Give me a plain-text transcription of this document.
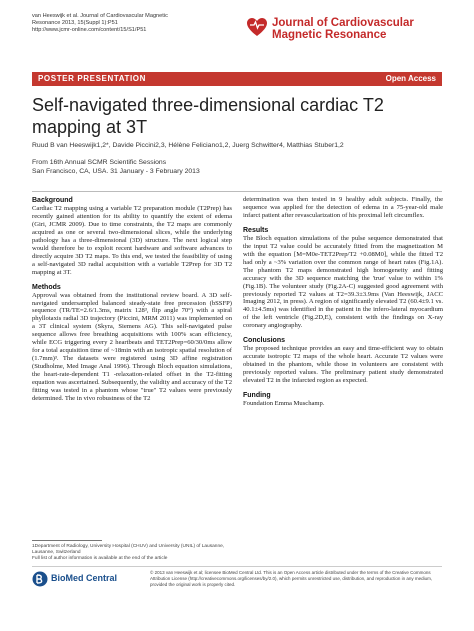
van Heeswijk et al. Journal of Cardiovascular Magnetic
Resonance 2013, 15(Suppl 1):P51
http://www.jcmr-online.com/content/15/S1/P51
Journal of Cardiovascular
Magnetic Resonance
POSTER PRESENTATION	Open Access
Self-navigated three-dimensional cardiac T2 mapping at 3T
Ruud B van Heeswijk1,2*, Davide Piccini2,3, Hélène Feliciano1,2, Juerg Schwitter4, Matthias Stuber1,2
From 16th Annual SCMR Scientific Sessions
San Francisco, CA, USA. 31 January - 3 February 2013
Background

Cardiac T2 mapping using a variable T2 preparation module (T2Prep) has recently gained attention for its ability to quantify the extent of edema (Giri, JCMR 2009). Due to time constraints, the T2 maps are commonly acquired as one or several two-dimensional slices, while the underlying pathology has a three-dimensional (3D) structure. The next logical step would therefore be to exploit recent hardware and software advances to directly acquire 3D T2 maps. To this end, we tested the feasibility of using a self-navigated 3D radial acquisition with a variable T2Prep for 3D T2 mapping at 3T.

Methods

Approval was obtained from the institutional review board. A 3D self-navigated undersampled balanced steady-state free precession (bSSFP) sequence (TR/TE=2.6/1.3ms, matrix 128³, flip angle 70°) with a spiral phyllotaxis radial 3D trajectory (Piccini, MRM 2011) was implemented on a 3T clinical system (Skyra, Siemens AG). This self-navigated pulse sequence allows free breathing acquisitions with 100% scan efficiency, while ECG triggering every 2 heartbeats and TET2Prep=60/30/0ms allow for a total acquisition time of ~18min with an isotropic spatial resolution of (1.7mm)³. The datasets were registered using 3D affine registration (Studholme, Med Image Anal 1996). Through Bloch equation simulations, the heart-rate-dependent T1 -relaxation-related offset in the T2-fitting equation was ascertained. Subsequently, the validity and accuracy of the T2 fitting was tested in a phantom whose "true" T2 values were previously determined. The in vivo robustness of the T2

determination was then tested in 9 healthy adult subjects. Finally, the sequence was applied for the detection of edema in a 75-year-old male infarct patient after revascularization of his proximal left circumflex.

Results

The Bloch equation simulations of the pulse sequence demonstrated that the input T2 value could be accurately fitted from the magnetization M with the equation [M=M0e-TET2Prep/T2 +0.08M0], while the fitted T2 had only a ~3% variation over the common range of heart rates (Fig.1A). The phantom T2 maps demonstrated high homogeneity and fitting accuracy with the 3D sequence matching the 'true' value to within 1% (Fig.1B). The volunteer study (Fig.2A-C) suggested good agreement with previously reported T2 values at T2=39.3±3.9ms (Van Heeswijk, JACC Imaging 2012, in press). A region of significantly elevated T2 (60.4±9.1 vs. 40.1±4.5ms) was identified in the patient in the infero-lateral myocardium of the left ventricle (Fig.2D,E), consistent with the findings on X-ray coronary angiography.

Conclusions

The proposed technique provides an easy and time-efficient way to obtain accurate isotropic T2 maps of the whole heart. Accurate T2 values were obtained in the phantom, while those in volunteers are consistent with previously reported values. The preliminary patient study demonstrated elevated T2 in the infarcted region as expected.

Funding

Foundation Emma Muschamp.

1Department of Radiology, University Hospital (CHUV) and University (UNIL) of Lausanne, Lausanne, Switzerland
Full list of author information is available at the end of the article
BioMed Central
© 2013 van Heeswijk et al; licensee BioMed Central Ltd. This is an Open Access article distributed under the terms of the Creative Commons Attribution License (http://creativecommons.org/licenses/by/2.0), which permits unrestricted use, distribution, and reproduction in any medium, provided the original work is properly cited.
